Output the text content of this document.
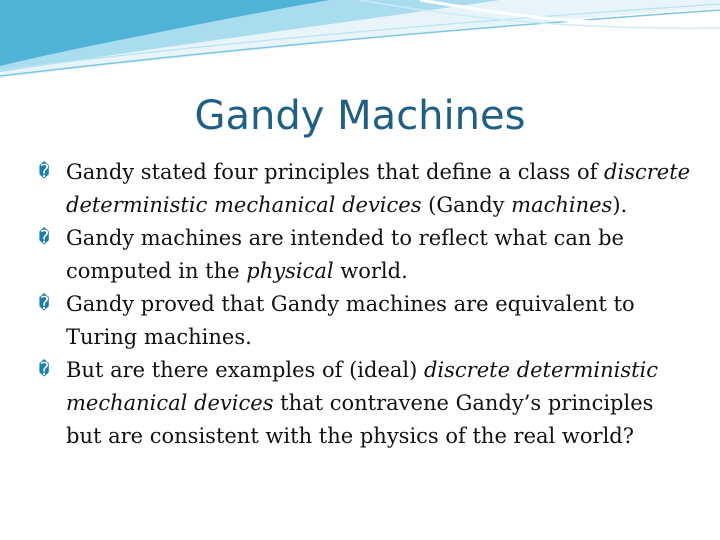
Gandy Machines
� Gandy stated four principles that define a class of discrete deterministic mechanical devices (Gandy machines).
� Gandy machines are intended to reflect what can be computed in the physical world.
� Gandy proved that Gandy machines are equivalent to Turing machines.
� But are there examples of (ideal) discrete deterministic mechanical devices that contravene Gandy’s principles but are consistent with the physics of the real world?
